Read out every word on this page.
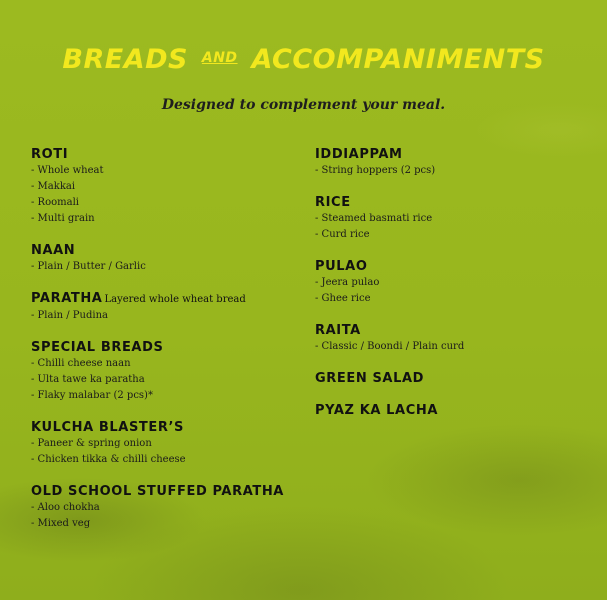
BREADS $^{AND}$ ACCOMPANIMENTS
Designed to complement your meal.
ROTI
- Whole wheat
- Makkai
- Roomali
- Multi grain
NAAN
- Plain / Butter / Garlic
PARATHA Layered whole wheat bread
- Plain / Pudina
SPECIAL BREADS
- Chilli cheese naan
- Ulta tawe ka paratha
- Flaky malabar (2 pcs)*
KULCHA BLASTER’S
- Paneer & spring onion
- Chicken tikka & chilli cheese
OLD SCHOOL STUFFED PARATHA
- Aloo chokha
- Mixed veg
IDDIAPPAM
- String hoppers (2 pcs)
RICE
- Steamed basmati rice
- Curd rice
PULAO
- Jeera pulao
- Ghee rice
RAITA
- Classic / Boondi / Plain curd
GREEN SALAD
PYAZ KA LACHA
